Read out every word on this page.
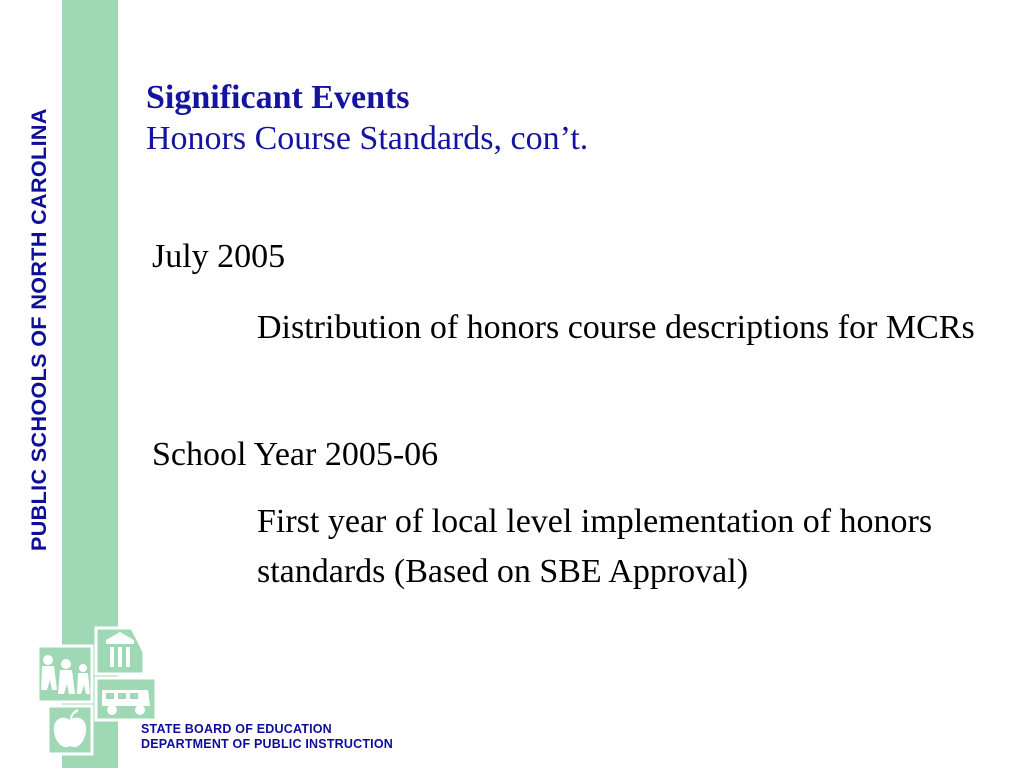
PUBLIC SCHOOLS OF NORTH CAROLINA
Significant Events
Honors Course Standards, con’t.
July 2005
Distribution of honors course descriptions for MCRs
School Year 2005-06
First year of local level implementation of honors standards (Based on SBE Approval)
STATE BOARD OF EDUCATION
DEPARTMENT OF PUBLIC INSTRUCTION
